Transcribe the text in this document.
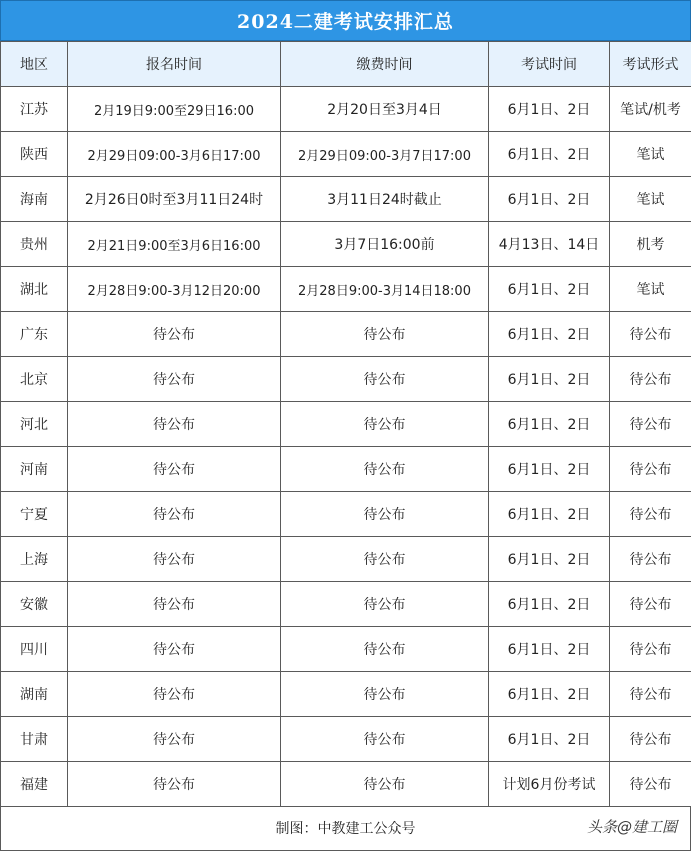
2024二建考试安排汇总
地区	报名时间	缴费时间	考试时间	考试形式
江苏	2月19日9:00至29日16:00	2月20日至3月4日	6月1日、2日	笔试/机考
陕西	2月29日09:00-3月6日17:00	2月29日09:00-3月7日17:00	6月1日、2日	笔试
海南	2月26日0时至3月11日24时	3月11日24时截止	6月1日、2日	笔试
贵州	2月21日9:00至3月6日16:00	3月7日16:00前	4月13日、14日	机考
湖北	2月28日9:00-3月12日20:00	2月28日9:00-3月14日18:00	6月1日、2日	笔试
广东	待公布	待公布	6月1日、2日	待公布
北京	待公布	待公布	6月1日、2日	待公布
河北	待公布	待公布	6月1日、2日	待公布
河南	待公布	待公布	6月1日、2日	待公布
宁夏	待公布	待公布	6月1日、2日	待公布
上海	待公布	待公布	6月1日、2日	待公布
安徽	待公布	待公布	6月1日、2日	待公布
四川	待公布	待公布	6月1日、2日	待公布
湖南	待公布	待公布	6月1日、2日	待公布
甘肃	待公布	待公布	6月1日、2日	待公布
福建	待公布	待公布	计划6月份考试	待公布
制图：中教建工公众号	头条@建工圈
